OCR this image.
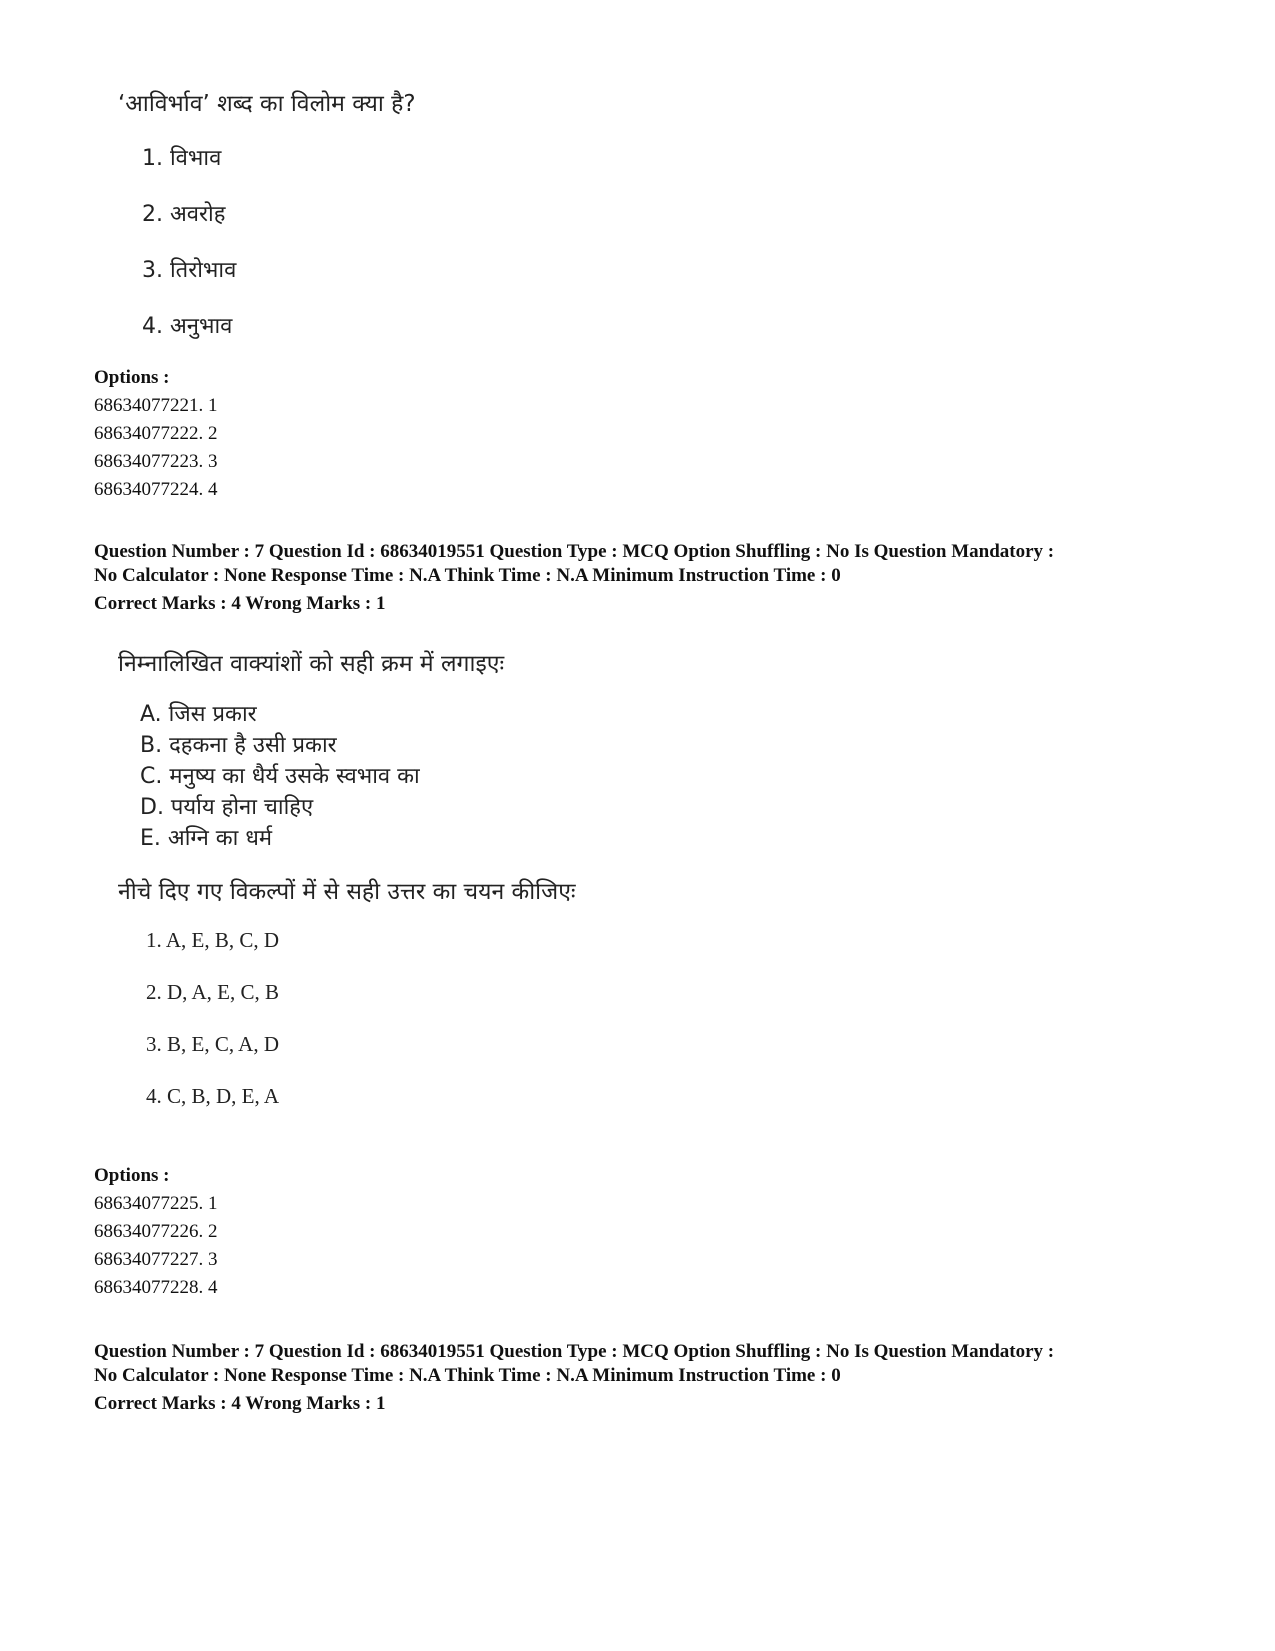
‘आविर्भाव’ शब्द का विलोम क्या है?

1. विभाव
2. अवरोह
3. तिरोभाव
4. अनुभाव
Options :
68634077221. 1
68634077222. 2
68634077223. 3
68634077224. 4
Question Number : 7 Question Id : 68634019551 Question Type : MCQ Option Shuffling : No Is Question Mandatory :
No Calculator : None Response Time : N.A Think Time : N.A Minimum Instruction Time : 0
Correct Marks : 4 Wrong Marks : 1

निम्नालिखित वाक्यांशों को सही क्रम में लगाइएः

A. जिस प्रकार
B. दहकना है उसी प्रकार
C. मनुष्य का धैर्य उसके स्वभाव का
D. पर्याय होना चाहिए
E. अग्नि का धर्म
नीचे दिए गए विकल्पों में से सही उत्तर का चयन कीजिएः
1. A, E, B, C, D
2. D, A, E, C, B
3. B, E, C, A, D
4. C, B, D, E, A
Options :
68634077225. 1
68634077226. 2
68634077227. 3
68634077228. 4
Question Number : 7 Question Id : 68634019551 Question Type : MCQ Option Shuffling : No Is Question Mandatory :
No Calculator : None Response Time : N.A Think Time : N.A Minimum Instruction Time : 0
Correct Marks : 4 Wrong Marks : 1
